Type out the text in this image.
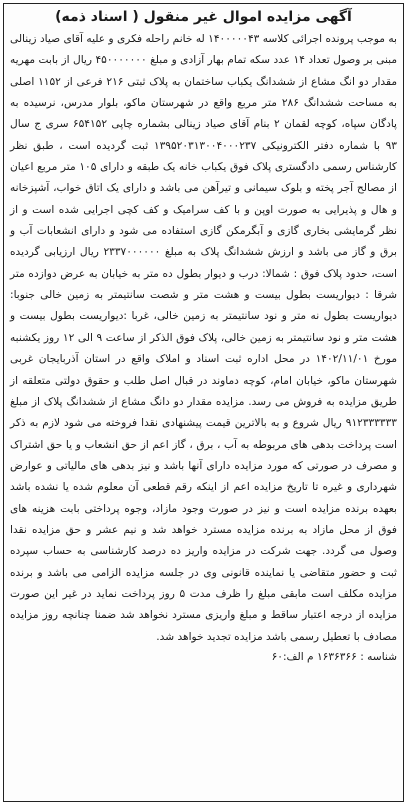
آگهی مزایده اموال غیر منقول ( اسناد ذمه)

به موجب پرونده اجرائی کلاسه ۱۴۰۰۰۰۰۴۳ له خانم راحله فکری و علیه آقای صیاد زینالی مبنی بر وصول تعداد ۱۴ عدد سکه تمام بهار آزادی و مبلغ ۴۵۰۰۰۰۰۰۰ ریال از بابت مهریه مقدار دو انگ مشاع از ششدانگ یکباب ساختمان به پلاک ثبتی ۲۱۶ فرعی از ۱۱۵۲ اصلی به مساحت ششدانگ ۲۸۶ متر مربع واقع در شهرستان ماکو، بلوار مدرس، نرسیده به پادگان سپاه، کوچه لقمان ۲ بنام آقای صیاد زینالی بشماره چاپی ۶۵۴۱۵۲ سری ج سال ۹۳ با شماره دفتر الکترونیکی ۱۳۹۵۲۰۳۱۳۰۰۴۰۰۰۲۳۷ ثبت گردیده است ، طبق نظر کارشناس رسمی دادگستری پلاک فوق یکباب خانه یک طبقه و دارای ۱۰۵ متر مربع اعیان از مصالح آجر پخته و بلوک سیمانی و تیرآهن می باشد و دارای یک اتاق خواب، آشپزخانه و هال و پذیرایی به صورت اوپن و با کف سرامیک و کف کچی اجرایی شده است و از نظر گرمایشی بخاری گازی و آبگرمکن گازی استفاده می شود و دارای انشعابات آب و برق و گاز می باشد و ارزش ششدانگ پلاک به مبلغ ۲۳۳۷۰۰۰۰۰۰ ریال ارزیابی گردیده است، حدود پلاک فوق : شمالا: درب و دیوار بطول ده متر به خیابان به عرض دوازده متر شرقا : دیواریست بطول بیست و هشت متر و شصت سانتیمتر به زمین خالی جنوبا: دیواریست بطول نه متر و نود سانتیمتر به زمین خالی، غربا :دیواریست بطول بیست و هشت متر و نود سانتیمتر به زمین خالی، پلاک فوق الذکر از ساعت ۹ الی ۱۲ روز یکشنبه مورخ ۱۴۰۲/۱۱/۰۱ در محل اداره ثبت اسناد و املاک واقع در استان آذربایجان غربی شهرستان ماکو، خیابان امام، کوچه دماوند در قبال اصل طلب و حقوق دولتی متعلقه از طریق مزایده به فروش می رسد. مزایده مقدار دو دانگ مشاع از ششدانگ پلاک از مبلغ ۹۱۲۳۳۳۳۳۳ ریال شروع و به بالاترین قیمت پیشنهادی نقدا فروخته می شود لازم به ذکر است پرداخت بدهی های مربوطه به آب ، برق ، گاز اعم از حق انشعاب و یا حق اشتراک و مصرف در صورتی که مورد مزایده دارای آنها باشد و نیز بدهی های مالیاتی و عوارض شهرداری و غیره تا تاریخ مزایده اعم از اینکه رقم قطعی آن معلوم شده یا نشده باشد بعهده برنده مزایده است و نیز در صورت وجود مازاد، وجوه پرداختی بابت هزینه های فوق از محل مازاد به برنده مزایده مسترد خواهد شد و نیم عشر و حق مزایده نقدا وصول می گردد. جهت شرکت در مزایده واریز ده درصد کارشناسی به حساب سپرده ثبت و حضور متقاضی یا نماینده قانونی وی در جلسه مزایده الزامی می باشد و برنده مزایده مکلف است مابقی مبلغ را ظرف مدت ۵ روز پرداخت نماید در غیر این صورت مزایده از درجه اعتبار ساقط و مبلغ واریزی مسترد نخواهد شد ضمنا چنانچه روز مزایده مصادف با تعطیل رسمی باشد مزایده تجدید خواهد شد.

شناسه : ۱۶۳۶۳۶۶ م الف:۶۰
